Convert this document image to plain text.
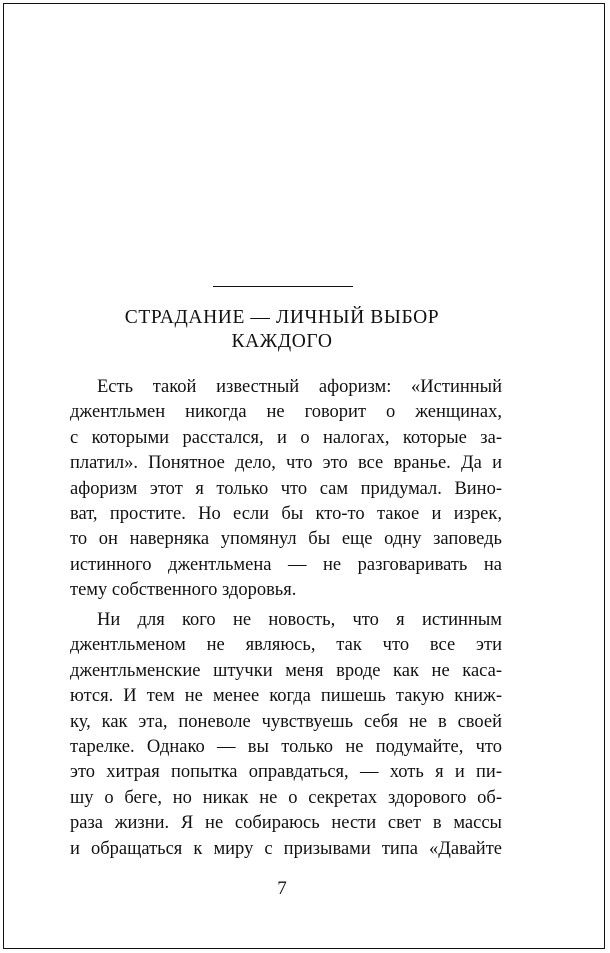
СТРАДАНИЕ — ЛИЧНЫЙ ВЫБОР
КАЖДОГО
Есть такой известный афоризм: «Истинный
джентльмен никогда не говорит о женщинах,
с которыми расстался, и о налогах, которые за-
платил». Понятное дело, что это все вранье. Да и
афоризм этот я только что сам придумал. Вино-
ват, простите. Но если бы кто-то такое и изрек,
то он наверняка упомянул бы еще одну заповедь
истинного джентльмена — не разговаривать на
тему собственного здоровья.
Ни для кого не новость, что я истинным
джентльменом не являюсь, так что все эти
джентльменские штучки меня вроде как не каса-
ются. И тем не менее когда пишешь такую книж-
ку, как эта, поневоле чувствуешь себя не в своей
тарелке. Однако — вы только не подумайте, что
это хитрая попытка оправдаться, — хоть я и пи-
шу о беге, но никак не о секретах здорового об-
раза жизни. Я не собираюсь нести свет в массы
и обращаться к миру с призывами типа «Давайте
7
